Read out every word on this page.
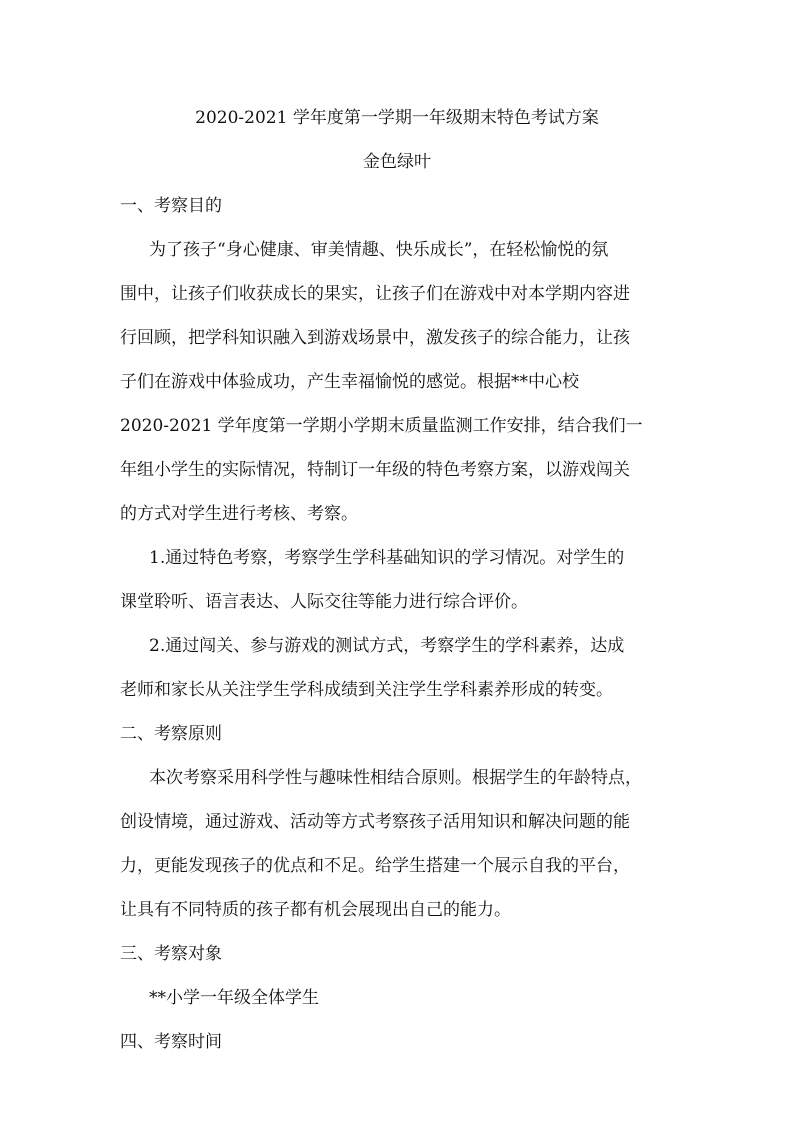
2020-2021 学年度第一学期一年级期末特色考试方案
金色绿叶
一、考察目的
为了孩子“身心健康、审美情趣、快乐成长”，在轻松愉悦的氛
围中，让孩子们收获成长的果实，让孩子们在游戏中对本学期内容进
行回顾，把学科知识融入到游戏场景中，激发孩子的综合能力，让孩
子们在游戏中体验成功，产生幸福愉悦的感觉。根据**中心校
2020-2021 学年度第一学期小学期末质量监测工作安排，结合我们一
年组小学生的实际情况，特制订一年级的特色考察方案，以游戏闯关
的方式对学生进行考核、考察。
1.通过特色考察，考察学生学科基础知识的学习情况。对学生的
课堂聆听、语言表达、人际交往等能力进行综合评价。
2.通过闯关、参与游戏的测试方式，考察学生的学科素养，达成
老师和家长从关注学生学科成绩到关注学生学科素养形成的转变。
二、考察原则
本次考察采用科学性与趣味性相结合原则。根据学生的年龄特点，
创设情境，通过游戏、活动等方式考察孩子活用知识和解决问题的能
力，更能发现孩子的优点和不足。给学生搭建一个展示自我的平台，
让具有不同特质的孩子都有机会展现出自己的能力。
三、考察对象
**小学一年级全体学生
四、考察时间
